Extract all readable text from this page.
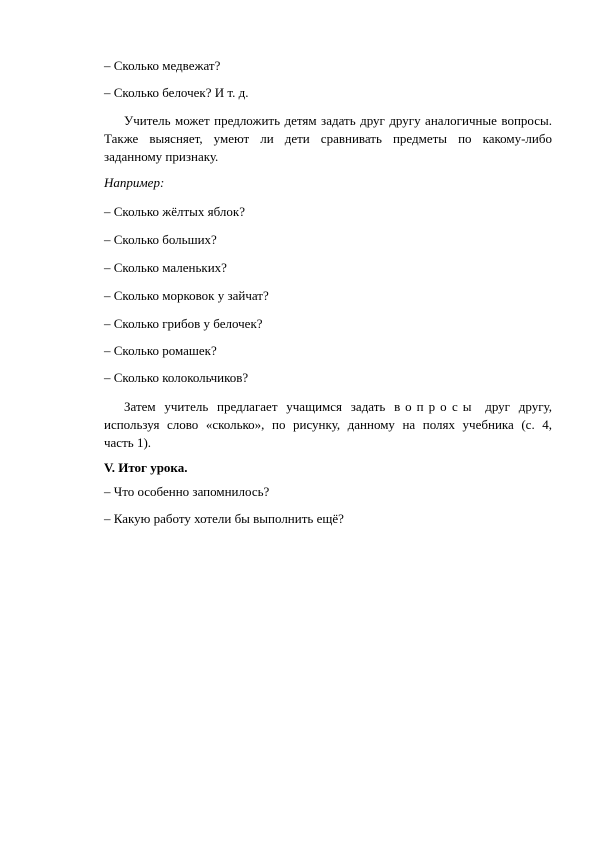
– Сколько медвежат?
– Сколько белочек? И т. д.
Учитель может предложить детям задать друг другу аналогичные вопросы.
Также выясняет, умеют ли дети сравнивать предметы по какому-либо
заданному признаку.
Например:
– Сколько жёлтых яблок?
– Сколько больших?
– Сколько маленьких?
– Сколько морковок у зайчат?
– Сколько грибов у белочек?
– Сколько ромашек?
– Сколько колокольчиков?
Затем учитель предлагает учащимся задать вопросы друг другу,
используя слово «сколько», по рисунку, данному на полях учебника (с. 4,
часть 1).
V. Итог урока.
– Что особенно запомнилось?
– Какую работу хотели бы выполнить ещё?
